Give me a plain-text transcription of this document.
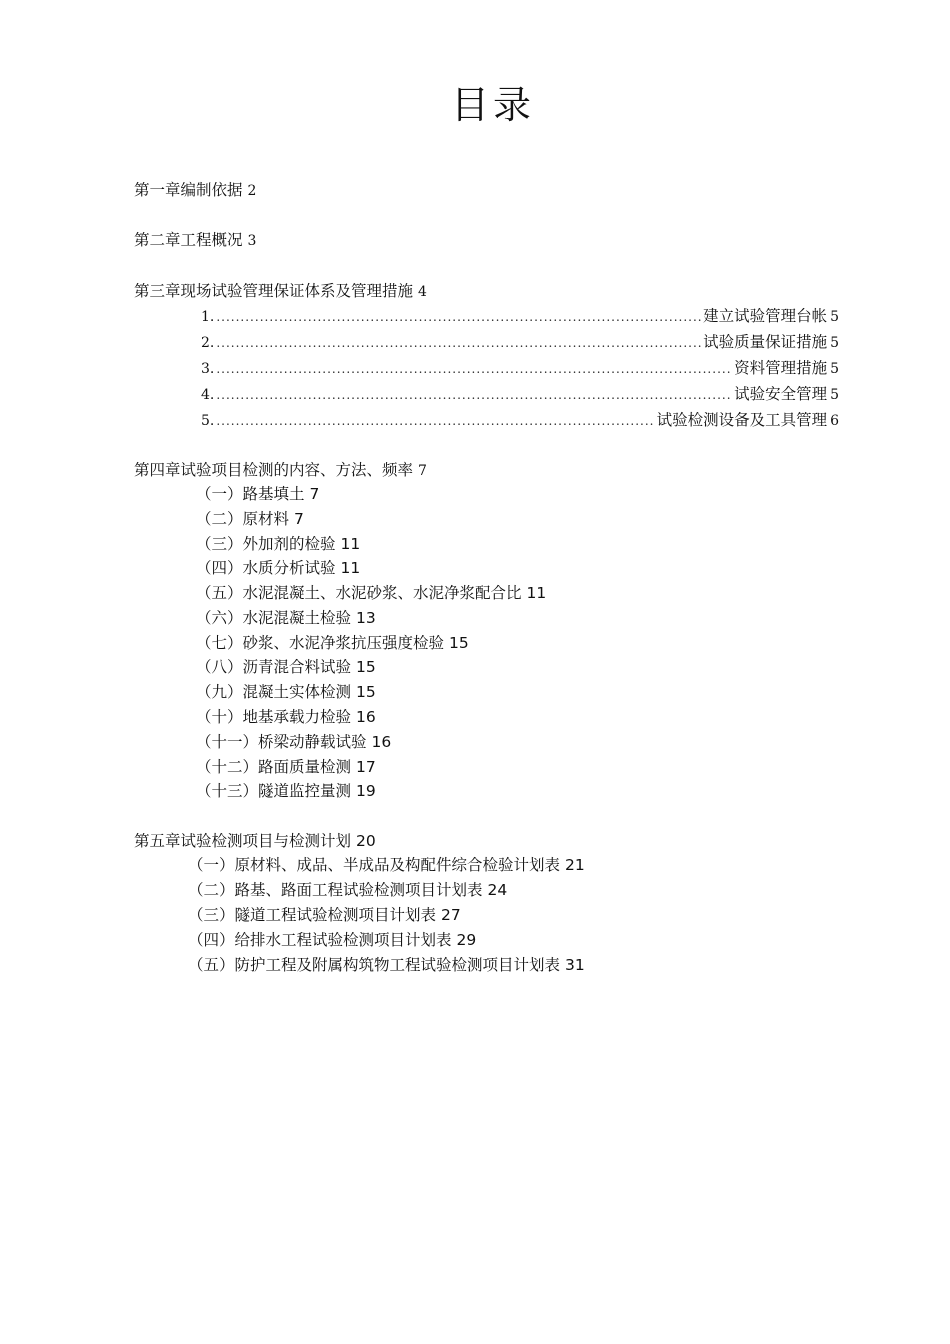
目录
第一章编制依据 2
第二章工程概况 3
第三章现场试验管理保证体系及管理措施 4
1. .....	建立试验管理台帐 5
2. .....	试验质量保证措施 5
3. .....	资料管理措施 5
4. .....	试验安全管理 5
5. .....	试验检测设备及工具管理 6
第四章试验项目检测的内容、方法、频率 7
（一）路基填土 7
（二）原材料 7
（三）外加剂的检验 11
（四）水质分析试验 11
（五）水泥混凝土、水泥砂浆、水泥净浆配合比 11
（六）水泥混凝土检验 13
（七）砂浆、水泥净浆抗压强度检验 15
（八）沥青混合料试验 15
（九）混凝土实体检测 15
（十）地基承载力检验 16
（十一）桥梁动静载试验 16
（十二）路面质量检测 17
（十三）隧道监控量测 19
第五章试验检测项目与检测计划 20
（一）原材料、成品、半成品及构配件综合检验计划表 21
（二）路基、路面工程试验检测项目计划表 24
（三）隧道工程试验检测项目计划表 27
（四）给排水工程试验检测项目计划表 29
（五）防护工程及附属构筑物工程试验检测项目计划表 31
